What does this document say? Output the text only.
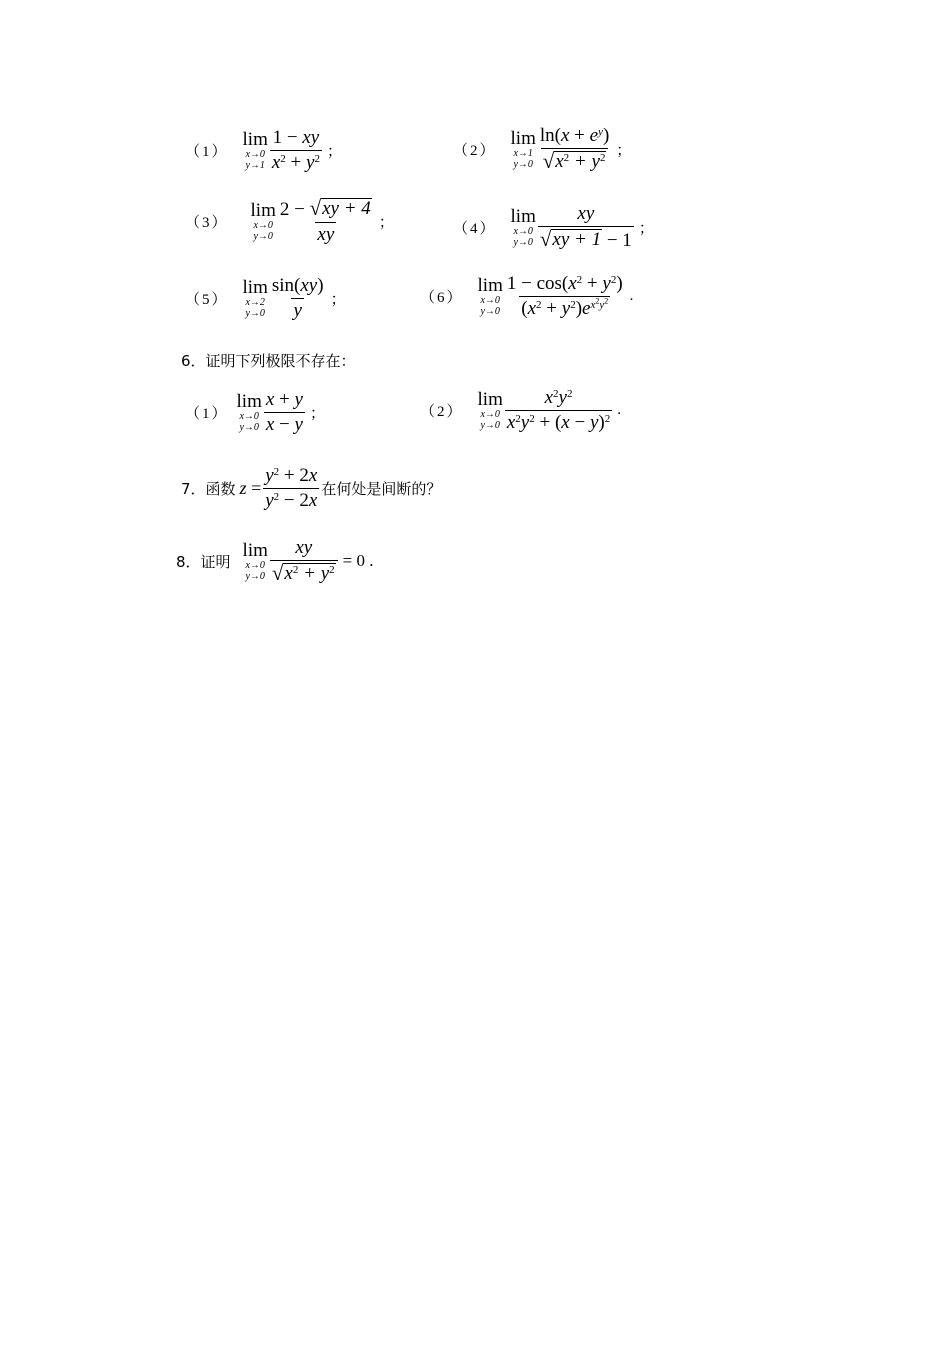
（1）
lim
x→0
$y\to 1 \frac{1 - xy}{x^2 + y^2}$ ；	（2）
lim
x→1
$y\to 0 \frac{\ln(x + e^y)}{√ x^2 + y^2}$ ；
（3）
lim
x→0
$y\to 0 \frac{2 - √ xy + 4}{xy}$ ；	（4）
lim
x→0
$y\to 0 \frac{xy}{√ xy + 1 - 1}$ ；
（5）
lim
x→2
$y\to 0 \frac{\sin(xy)}{y}$ ；	（6）
lim
x→0
$y\to 0 \frac{1 - \cos(x^2 + y^2)}{(x^2 + y^2)e^{x^2y^2}}$ .
6．证明下列极限不存在：
（1）
lim
x→0
$y\to 0 \frac{x + y}{x - y}$ ；	（2）
lim
x→0
$y\to 0 \frac{x^2y^2}{x^2y^2 + (x - y)^2}$ .
7．函数 $z = \frac{y^2 + 2x}{y^2 - 2x}$ 在何处是间断的？
8．证明
lim
x→0
$y\to 0 \frac{xy}{√ x^2 + y^2} = 0$ .
